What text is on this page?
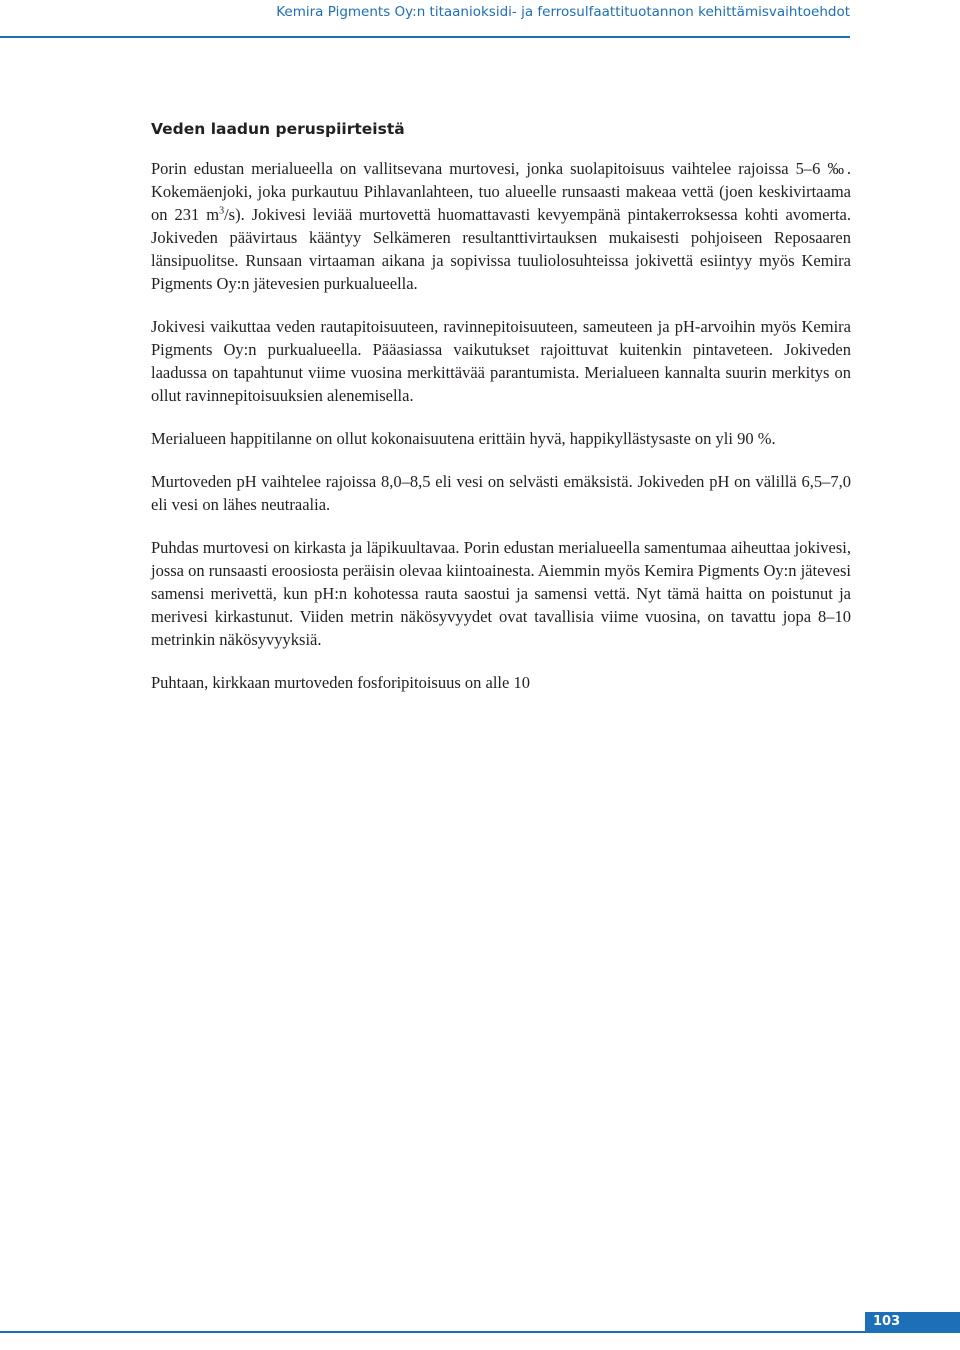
Kemira Pigments Oy:n titaanioksidi- ja ferrosulfaattituotannon kehittämisvaihtoehdot
Veden laadun peruspiirteistä

Porin edustan merialueella on vallitsevana murtovesi, jonka suolapitoisuus vaihtelee rajoissa 5–6 ‰. Kokemäenjoki, joka purkautuu Pihlavanlahteen, tuo alueelle runsaasti makeaa vettä (joen keskivirtaama on 231 $m^3/s$). Jokivesi leviää murtovettä huomattavasti kevyempänä pintakerroksessa kohti avomerta. Jokiveden päävirtaus kääntyy Selkämeren resultanttivirtauksen mukaisesti pohjoiseen Reposaaren länsipuolitse. Runsaan virtaaman aikana ja sopivissa tuuliolosuhteissa jokivettä esiintyy myös Kemira Pigments Oy:n jätevesien purkualueella.

Jokivesi vaikuttaa veden rautapitoisuuteen, ravinnepitoisuuteen, sameuteen ja pH-arvoihin myös Kemira Pigments Oy:n purkualueella. Pääasiassa vaikutukset rajoittuvat kuitenkin pintaveteen. Jokiveden laadussa on tapahtunut viime vuosina merkittävää parantumista. Merialueen kannalta suurin merkitys on ollut ravinnepitoisuuksien alenemisella.

Merialueen happitilanne on ollut kokonaisuutena erittäin hyvä, happikyllästysaste on yli 90 %.

Murtoveden pH vaihtelee rajoissa 8,0–8,5 eli vesi on selvästi emäksistä. Jokiveden pH on välillä 6,5–7,0 eli vesi on lähes neutraalia.

Puhdas murtovesi on kirkasta ja läpikuultavaa. Porin edustan merialueella samentumaa aiheuttaa jokivesi, jossa on runsaasti eroosiosta peräisin olevaa kiintoainesta. Aiemmin myös Kemira Pigments Oy:n jätevesi samensi merivettä, kun pH:n kohotessa rauta saostui ja samensi vettä. Nyt tämä haitta on poistunut ja merivesi kirkastunut. Viiden metrin näkösyvyydet ovat tavallisia viime vuosina, on tavattu jopa 8–10 metrinkin näkösyvyyksiä.

Puhtaan, kirkkaan murtoveden fosforipitoisuus on alle 10

103
